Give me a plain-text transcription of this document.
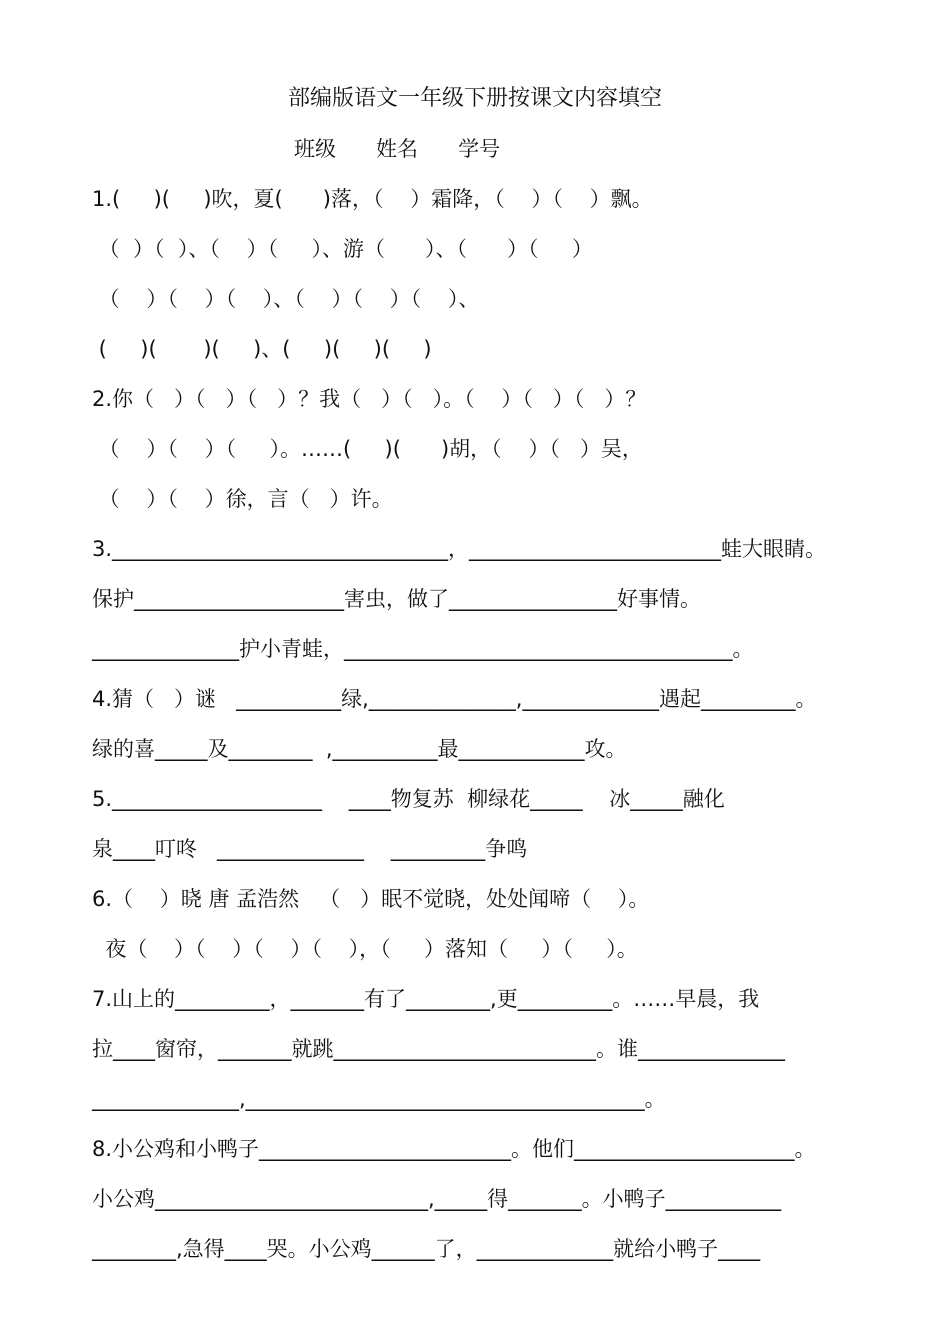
部编版语文一年级下册按课文内容填空
班级      姓名      学号
1.(     )(     )吹，夏(      )落，（    ）霜降，（    ）（    ）飘。
（  ）（  ）、（    ）（     ）、游（      ）、（      ）（     ）
（    ）（    ）（    ）、（    ）（    ）（    ）、
(     )(       )(     )、(     )(     )(     )
2.你（   ）（   ）（   ）？我（   ）（   ）。（    ）（   ）（   ）？
（    ）（    ）（     ）。……(     )(      )胡，（    ）（   ）吴，
（    ）（    ）徐，言（   ）许。
3.________________________________，________________________蛙大眼睛。
保护____________________害虫，做了________________好事情。
______________护小青蛙，_____________________________________。
4.猜（   ）谜   __________绿,______________,_____________遇起_________。
绿的喜_____及________  ,__________最____________攻。
5.____________________    ____物复苏  柳绿花_____    冰_____融化
泉____叮咚   ______________    _________争鸣
6.（    ）晓 唐 孟浩然   （   ）眠不觉晓，处处闻啼（    ）。
夜（    ）（    ）（    ）（    ），（     ）落知（     ）（     ）。
7.山上的_________，_______有了________,更_________。……早晨，我
拉____窗帘，_______就跳_________________________。谁______________
______________,______________________________________。
8.小公鸡和小鸭子________________________。他们_____________________。
小公鸡__________________________,_____得_______。小鸭子___________
________,急得____哭。小公鸡______了，_____________就给小鸭子____
